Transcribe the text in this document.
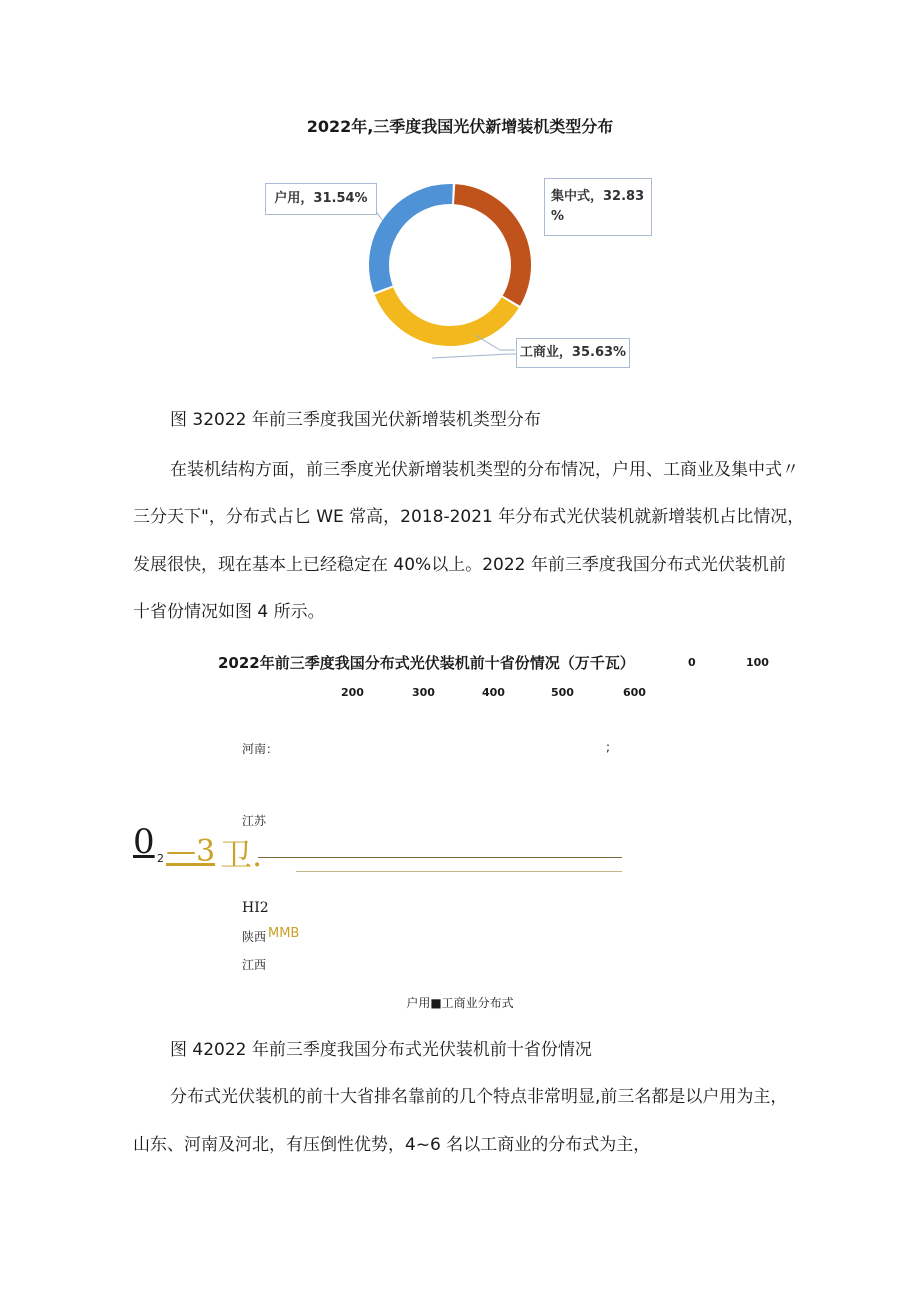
2022年,三季度我国光伏新增装机类型分布
户用，31.54%	集中式，32.83 %
工商业，35.63%
图 32022 年前三季度我国光伏新增装机类型分布
在装机结构方面，前三季度光伏新增装机类型的分布情况，户用、工商业及集中式〃
三分天下"，分布式占匕 WE 常高，2018-2021 年分布式光伏装机就新增装机占比情况，
发展很快，现在基本上已经稳定在 40%以上。2022 年前三季度我国分布式光伏装机前
十省份情况如图 4 所示。
2022年前三季度我国分布式光伏装机前十省份情况（万千瓦）	0	100
200	300	400	500	600
河南：	;
江苏
0 2 —3 卫.
HI2
陕西 MMB
江西
户用■工商业分布式
图 42022 年前三季度我国分布式光伏装机前十省份情况
分布式光伏装机的前十大省排名靠前的几个特点非常明显,前三名都是以户用为主，
山东、河南及河北，有压倒性优势，4~6 名以工商业的分布式为主，
